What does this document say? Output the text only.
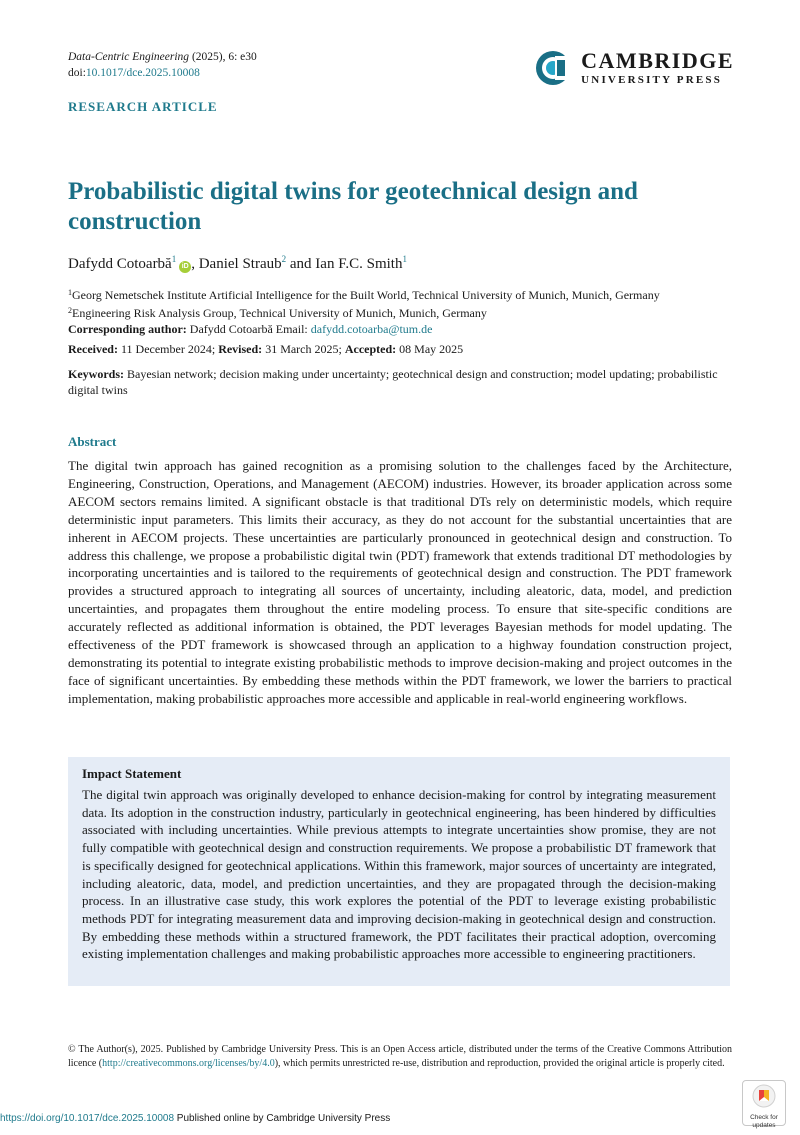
Data-Centric Engineering (2025), 6: e30
doi:10.1017/dce.2025.10008	CAMBRIDGE
UNIVERSITY PRESS
RESEARCH ARTICLE
Probabilistic digital twins for geotechnical design and construction
Dafydd Cotoarbă$^1$iD , Daniel Straub$^2$ and Ian F.C. Smith$^1$
$^1$Georg Nemetschek Institute Artificial Intelligence for the Built World, Technical University of Munich, Munich, Germany
$^2$Engineering Risk Analysis Group, Technical University of Munich, Munich, Germany
Corresponding author: Dafydd Cotoarbă Email: dafydd.cotoarba@tum.de
Received: 11 December 2024; Revised: 31 March 2025; Accepted: 08 May 2025
Keywords: Bayesian network; decision making under uncertainty; geotechnical design and construction; model updating; probabilistic digital twins
Abstract

The digital twin approach has gained recognition as a promising solution to the challenges faced by the Architecture, Engineering, Construction, Operations, and Management (AECOM) industries. However, its broader application across some AECOM sectors remains limited. A significant obstacle is that traditional DTs rely on deterministic models, which require deterministic input parameters. This limits their accuracy, as they do not account for the substantial uncertainties that are inherent in AECOM projects. These uncertainties are particularly pronounced in geotechnical design and construction. To address this challenge, we propose a probabilistic digital twin (PDT) framework that extends traditional DT methodologies by incorporating uncertainties and is tailored to the requirements of geotechnical design and construction. The PDT framework provides a structured approach to integrating all sources of uncertainty, including aleatoric, data, model, and prediction uncertainties, and propagates them throughout the entire modeling process. To ensure that site-specific conditions are accurately reflected as additional information is obtained, the PDT leverages Bayesian methods for model updating. The effectiveness of the PDT framework is showcased through an application to a highway foundation construction project, demonstrating its potential to integrate existing probabilistic methods to improve decision-making and project outcomes in the face of significant uncertainties. By embedding these methods within the PDT framework, we lower the barriers to practical implementation, making probabilistic approaches more accessible and applicable in real-world engineering workflows.

Impact Statement

The digital twin approach was originally developed to enhance decision-making for control by integrating measurement data. Its adoption in the construction industry, particularly in geotechnical engineering, has been hindered by difficulties associated with including uncertainties. While previous attempts to integrate uncertainties show promise, they are not fully compatible with geotechnical design and construction requirements. We propose a probabilistic DT framework that is specifically designed for geotechnical applications. Within this framework, major sources of uncertainty are integrated, including aleatoric, data, model, and prediction uncertainties, and they are propagated through the decision-making process. In an illustrative case study, this work explores the potential of the PDT to leverage existing probabilistic methods PDT for integrating measurement data and improving decision-making in geotechnical design and construction. By embedding these methods within a structured framework, the PDT facilitates their practical adoption, overcoming existing implementation challenges and making probabilistic approaches more accessible to engineering practitioners.

© The Author(s), 2025. Published by Cambridge University Press. This is an Open Access article, distributed under the terms of the Creative Commons Attribution licence (http://creativecommons.org/licenses/by/4.0), which permits unrestricted re-use, distribution and reproduction, provided the original article is properly cited.

https://doi.org/10.1017/dce.2025.10008 Published online by Cambridge University Press	Check for
updates
